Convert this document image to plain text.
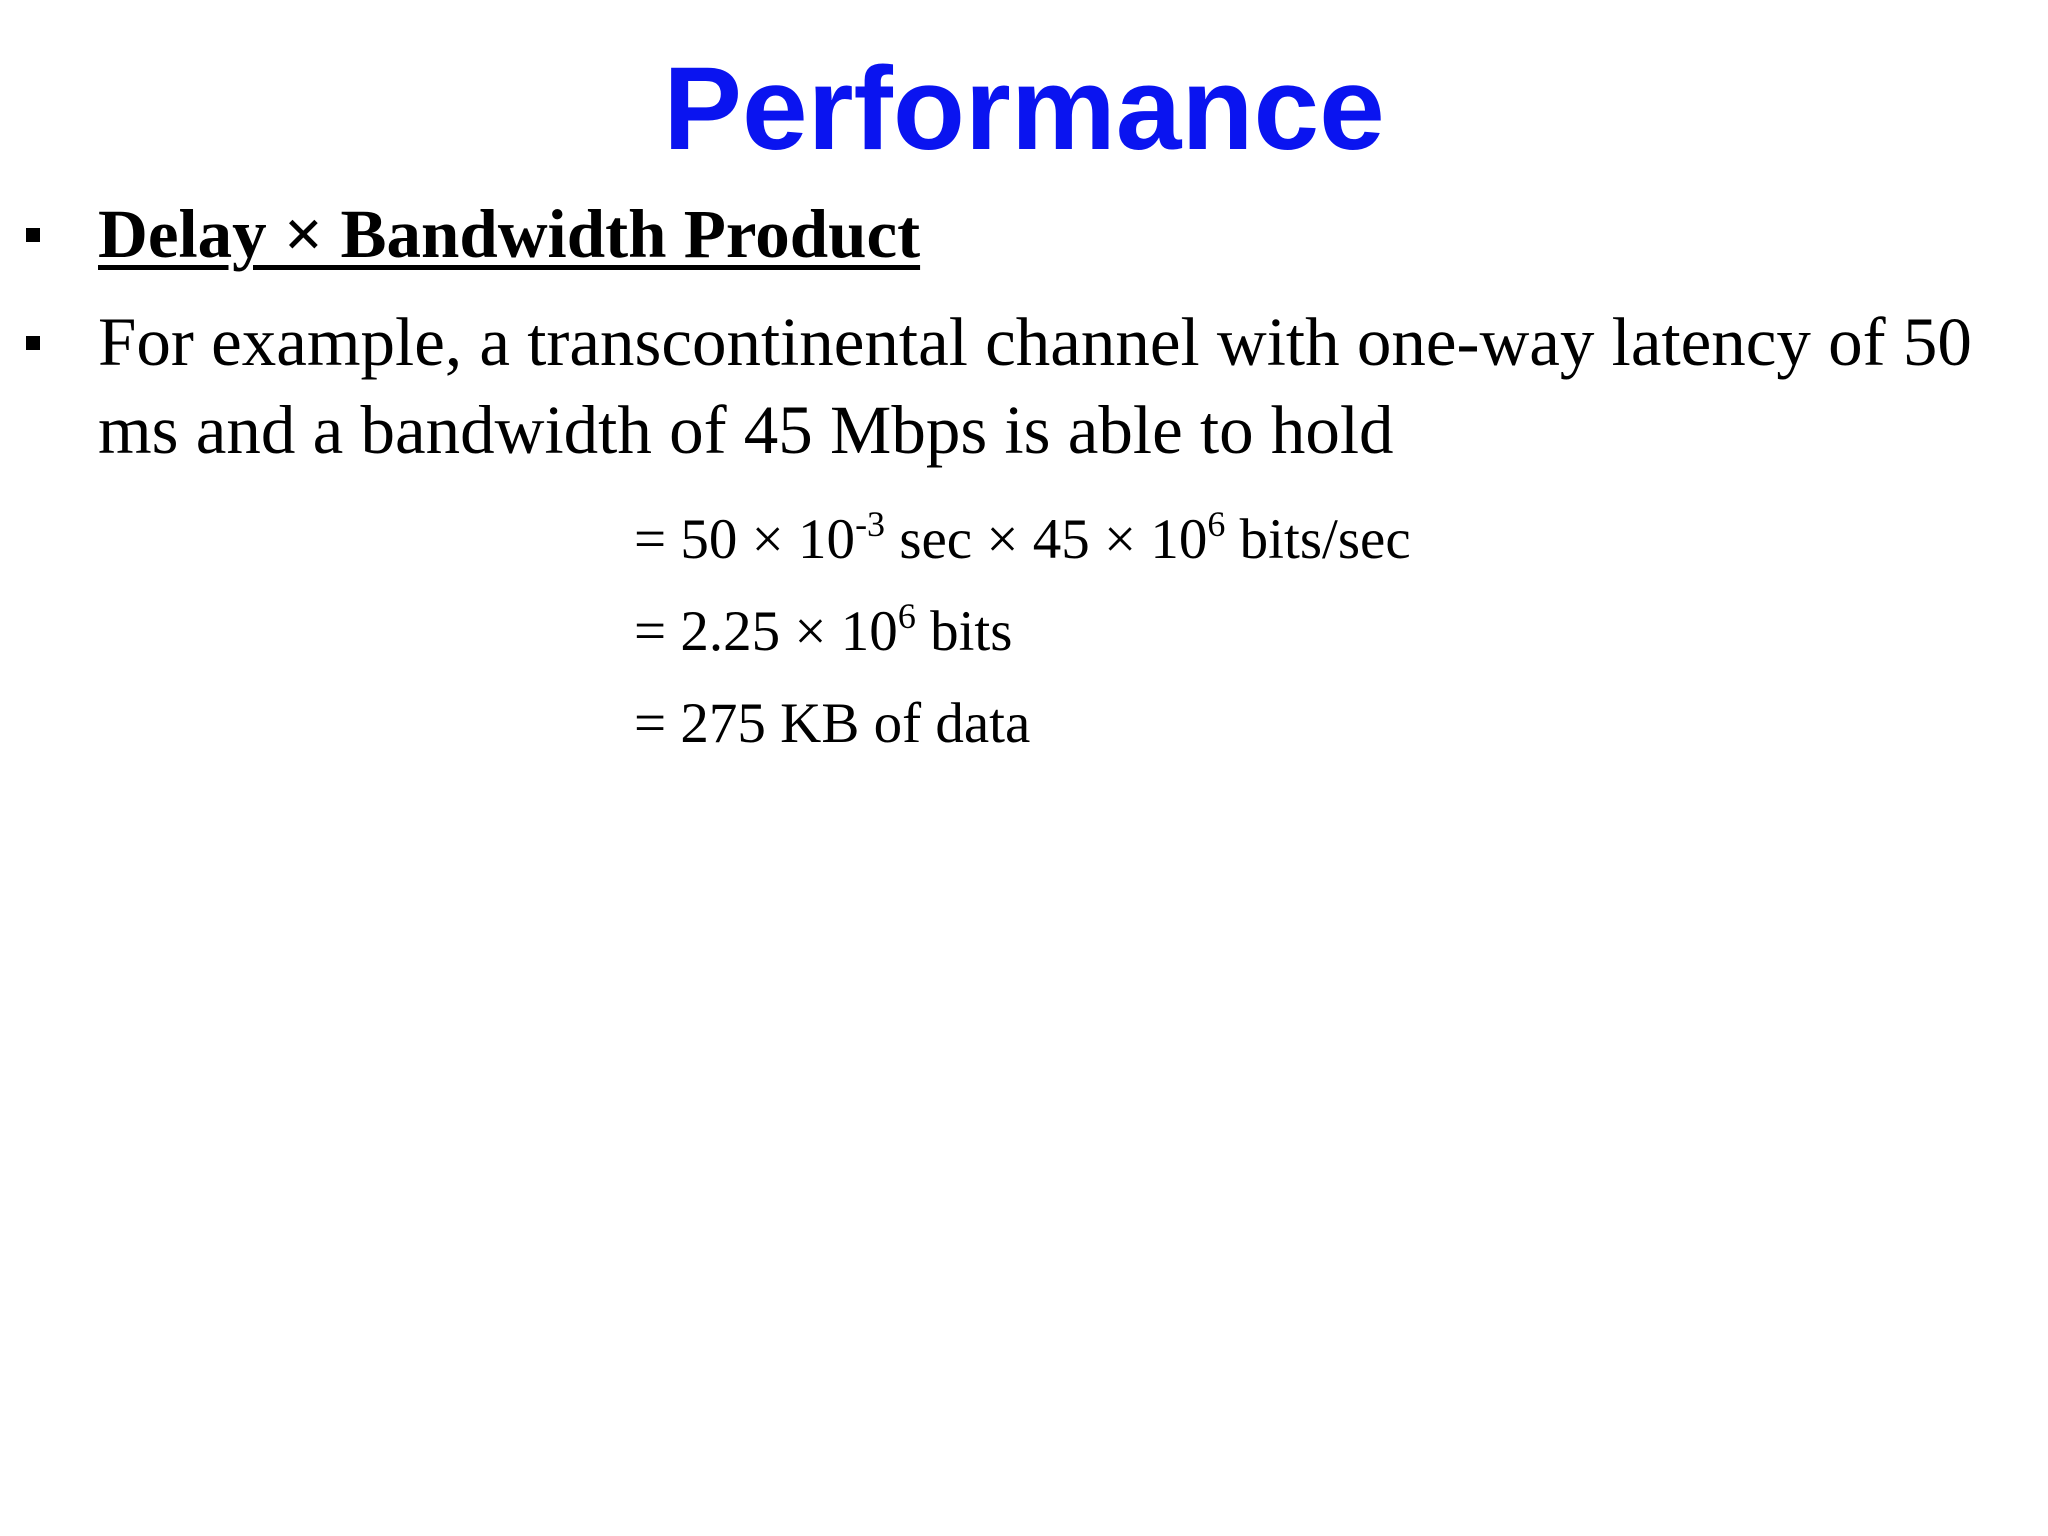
Performance
Delay × Bandwidth Product
For example, a transcontinental channel with one-way latency of 50 ms and a bandwidth of 45 Mbps is able to hold
= $50 \times 10^{-3}$ $\sec \times 45 \times 10^6$ bits/sec
= $2.25 \times 10^6$ bits
= 275 KB of data
